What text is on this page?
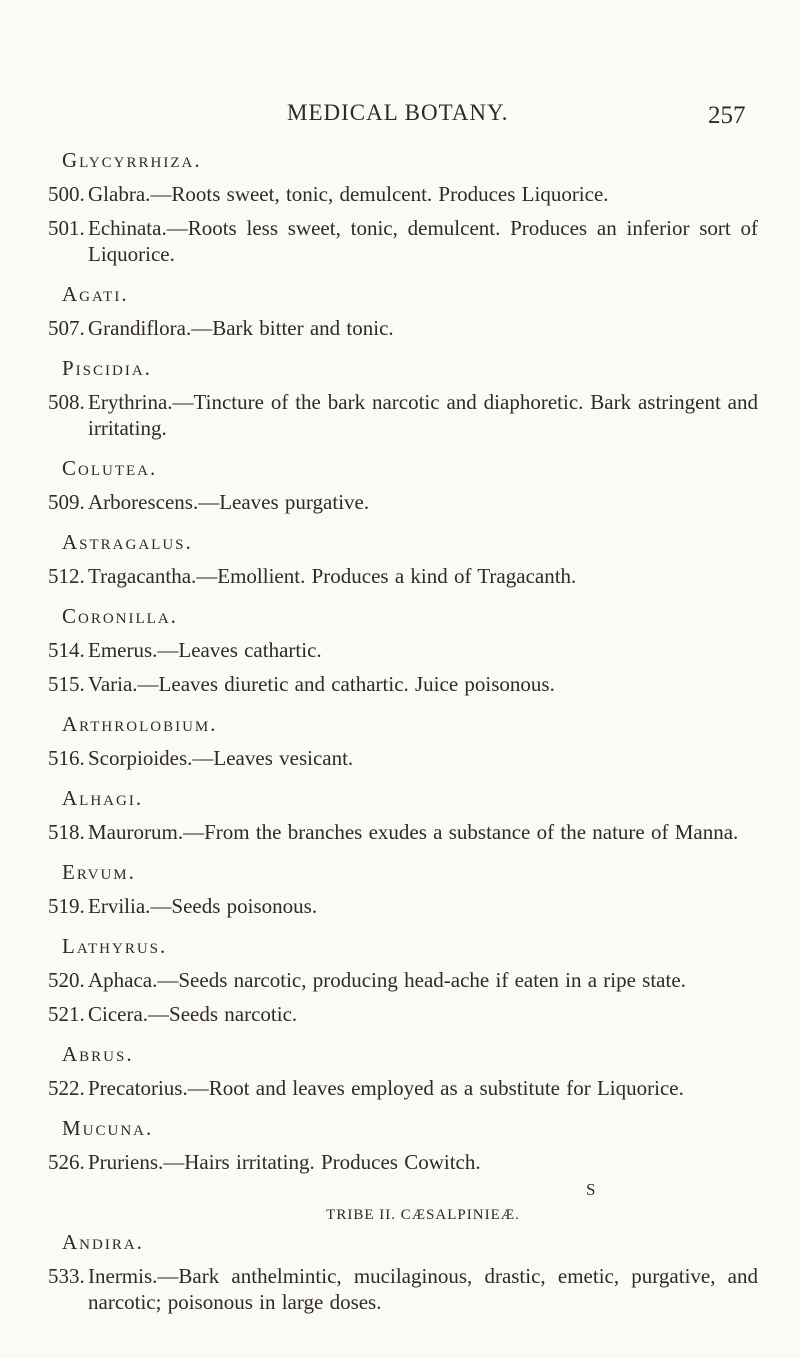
MEDICAL BOTANY.	257
Glycyrrhiza.
500. Glabra.—Roots sweet, tonic, demulcent. Produces Liquorice.
501. Echinata.—Roots less sweet, tonic, demulcent. Produces an inferior sort of Liquorice.
Agati.
507. Grandiflora.—Bark bitter and tonic.
Piscidia.
508. Erythrina.—Tincture of the bark narcotic and diaphoretic. Bark astringent and irritating.
Colutea.
509. Arborescens.—Leaves purgative.
Astragalus.
512. Tragacantha.—Emollient. Produces a kind of Tragacanth.
Coronilla.
514. Emerus.—Leaves cathartic.
515. Varia.—Leaves diuretic and cathartic. Juice poisonous.
Arthrolobium.
516. Scorpioides.—Leaves vesicant.
Alhagi.
518. Maurorum.—From the branches exudes a substance of the nature of Manna.
Ervum.
519. Ervilia.—Seeds poisonous.
Lathyrus.
520. Aphaca.—Seeds narcotic, producing head-ache if eaten in a ripe state.
521. Cicera.—Seeds narcotic.
Abrus.
522. Precatorius.—Root and leaves employed as a substitute for Liquorice.
Mucuna.
526. Pruriens.—Hairs irritating. Produces Cowitch.
TRIBE II. CÆSALPINIEÆ.
Andira.
533. Inermis.—Bark anthelmintic, mucilaginous, drastic, emetic, purgative, and narcotic; poisonous in large doses.
S
